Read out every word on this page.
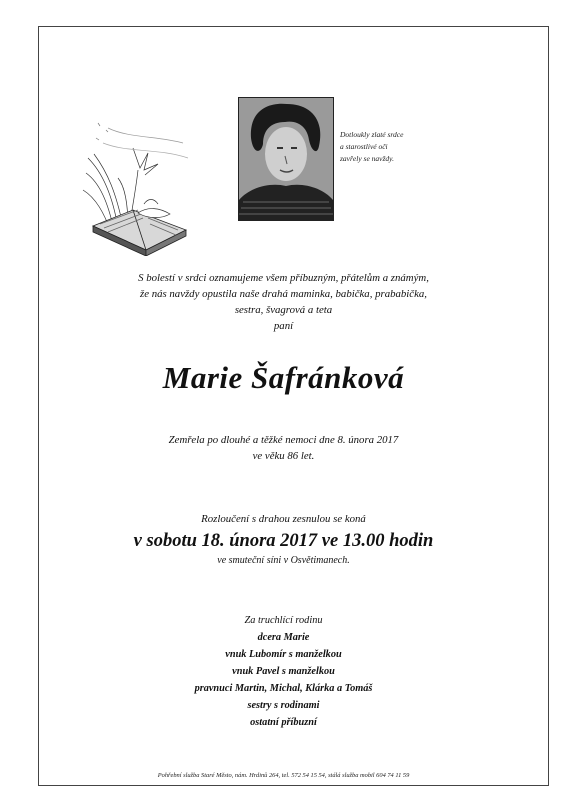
Dotloukly zlaté srdce
a starostlivé oči
zavřely se navždy.
S bolestí v srdci oznamujeme všem příbuzným, přátelům a známým,
že nás navždy opustila naše drahá maminka, babička, prababička,
sestra, švagrová a teta
paní
Marie Šafránková
Zemřela po dlouhé a těžké nemoci dne 8. února 2017
ve věku 86 let.
Rozloučení s drahou zesnulou se koná
v sobotu 18. února 2017 ve 13.00 hodin
ve smuteční síni v Osvětimanech.
Za truchlící rodinu
dcera Marie
vnuk Lubomír s manželkou
vnuk Pavel s manželkou
pravnuci Martin, Michal, Klárka a Tomáš
sestry s rodinami
ostatní příbuzní
Pohřební služba Staré Město, nám. Hrdinů 264, tel. 572 54 15 54, stálá služba mobil 604 74 11 59
